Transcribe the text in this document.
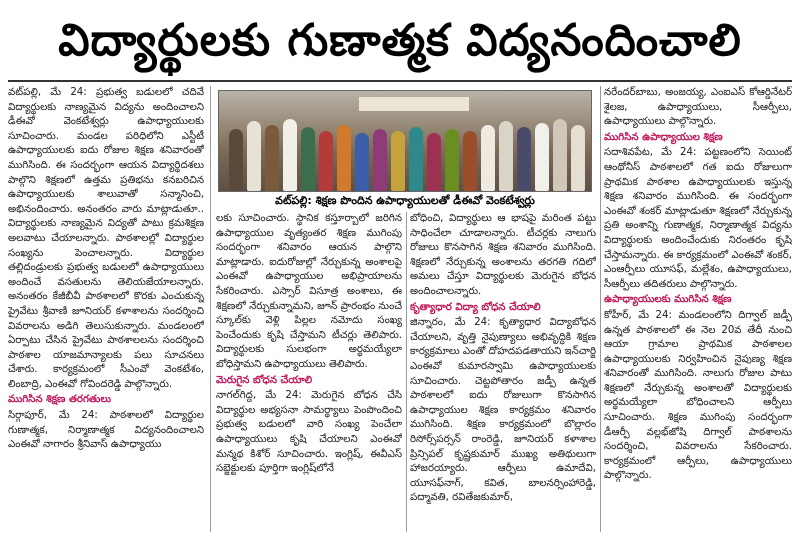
విద్యార్థులకు గుణాత్మక విద్యనందించాలి

వట్‌పల్లి, మే 24: ప్రభుత్వ బడులలో చదివే విద్యార్థులకు నాణ్యమైన విద్యను అందించాలని డీఈవో వెంకటేశ్వర్లు ఉపాధ్యాయులకు సూచించారు. మండల పరిధిలోని ఎస్టీటీ ఉపాధ్యాయులకు ఐదు రోజుల శిక్షణ శనివారంతో ముగిసింది. ఈ సందర్భంగా ఆయన విద్యార్థిదశలు పాల్గొని శిక్షణలో ఉత్తమ ప్రతిభను కనబరిచిన ఉపాధ్యాయులకు శాలువాతో సన్మానించి, అభినందించారు. అనంతరం వారు మాట్లాడుతూ.. విద్యార్థులకు నాణ్యమైన విద్యతో పాటు క్రమశిక్షణ అలవాటు చేయాలన్నారు. పాఠశాలల్లో విద్యార్థుల సంఖ్యను పెంచాలన్నారు. విద్యార్థుల తల్లిదండ్రులకు ప్రభుత్వ బడులలో ఉపాధ్యాయులు అందించే వసతులను తెలియజేయాలన్నారు. అనంతరం కేజీబీవీ పాఠశాలలో కొరకు ఎంచుకున్న ప్రైవేటు శ్రీవాణి జూనియర్ కళాశాలను సందర్శించి వివరాలను అడిగి తెలుసుకున్నారు. మండలంలో ఏర్పాటు చేసిన ప్రైవేటు పాఠశాలలను సందర్శించి పాఠశాల యాజమాన్యాలకు పలు సూచనలు చేశారు. కార్యక్రమంలో సీఎంవో వెంకటేశం, లింబాద్రి, ఎంఈవో గోవిందరెడ్డి పాల్గొన్నారు.

ముగిసిన శిక్షణ తరగతులు

సిర్గాపూర్, మే 24: పాఠశాలలో విద్యార్థుల గుణాత్మక, నిర్మాణాత్మక విద్యనందించాలని ఎంఈవో నాగారం శ్రీనివాస్ ఉపాధ్యాయు

వట్‌పల్లి: శిక్షణ పొందిన ఉపాధ్యాయులతో డీఈవో వెంకటేశ్వర్లు

లకు సూచించారు. స్థానిక కస్తూర్బాలో జరిగిన ఉపాధ్యాయుల వృత్యంతర శిక్షణ ముగింపు సందర్భంగా శనివారం ఆయన పాల్గొని మాట్లాడారు. ఐదురోజుల్లో నేర్చుకున్న అంశాలపై ఎంఈవో ఉపాధ్యాయుల అభిప్రాయాలను సేకరించారు. ఎస్సార్ విసూత్ర అంశాలు, ఈ శిక్షణలో నేర్చుకున్నామని, జూన్ ప్రారంభం నుంచే స్కూల్‌కు వెళ్లి పిల్లల నమోదు సంఖ్య పెంచేందుకు కృషి చేస్తామని టీచర్లు తెలిపారు. విద్యార్థులకు సులభంగా అర్థమయ్యేలా బోధిస్తామని ఉపాధ్యాయులు తెలిపారు.

మెరుగైన బోధన చేయాలి

నాగల్‌గిద్ద, మే 24: మెరుగైన బోధన చేసి విద్యార్థుల అభ్యసనా సామర్థ్యాలు పెంపొందించి ప్రభుత్వ బడులలో వారి సంఖ్య పెంచేలా ఉపాధ్యాయులు కృషి చేయాలని ఎంఈవో మన్మథ కిశోర్ సూచించారు. ఇంగ్లిష్, ఈవీఎస్ సబ్జెక్టులకు పూర్తిగా ఇంగ్లిష్‌లోనే

బోధించి, విద్యార్థులు ఆ భాషపై మరింత పట్టు సాధించేలా చూడాలన్నారు. టీచర్లకు నాలుగు రోజులు కొనసాగిన శిక్షణ శనివారం ముగిసింది. శిక్షణలో నేర్చుకున్న అంశాలను తరగతి గదిలో అమలు చేస్తూ విద్యార్థులకు మెరుగైన బోధన అందించాలన్నారు.

కృత్యాధార విద్యా బోధన చేయాలి

జిన్నారం, మే 24: కృత్యాధార విద్యాబోధన చేయాలని, వృత్తి నైపుణ్యాలు అభివృద్ధికి శిక్షణ కార్యక్రమాలు ఎంతో దోహదపడతాయని ఇన్‌చార్జి ఎంఈవో కుమారస్వామి ఉపాధ్యాయులకు సూచించారు. చెట్టపోతారం జడ్పీ ఉన్నత పాఠశాలలో ఐదు రోజులుగా కొనసాగిన ఉపాధ్యాయుల శిక్షణ కార్యక్రమం శనివారం ముగిసింది. శిక్షణ కార్యక్రమంలో బొల్లారం రిసోర్స్‌పర్సన్ రాంరెడ్డి, జూనియర్ కళాశాల ప్రిన్సిపల్ కృష్ణకుమార్ ముఖ్య అతిథులుగా హాజరయ్యారు. ఆర్పీలు ఉమాదేవి, యూసఫ్‌నాగ్‌, కవిత, బాలనర్సింహారెడ్డి, పద్మావతి, రవితేజకుమార్,

నరేందర్‌బాబు, అంజయ్య, ఎంఐఎస్ కోఆర్డినేటర్ శైలజ, ఉపాధ్యాయులు, సీఆర్పీలు, ఉపాధ్యాయులు పాల్గొన్నారు.

ముగిసిన ఉపాధ్యాయుల శిక్షణ

సదాశివపేట, మే 24: పట్టణంలోని సెయింట్ ఆంథోనీస్ పాఠశాలలో గత ఐదు రోజులుగా ప్రాథమిక పాఠశాల ఉపాధ్యాయులకు ఇస్తున్న శిక్షణ శనివారం ముగిసింది. ఈ సందర్భంగా ఎంఈవో శంకర్ మాట్లాడుతూ శిక్షణలో నేర్చుకున్న ప్రతి అంశాన్ని గుణాత్మక, నిర్మాణాత్మక విద్యను విద్యార్థులకు అందించేందుకు నిరంతరం కృషి చేస్తామన్నారు. ఈ కార్యక్రమంలో ఎంఈవో శంకర్, ఎంఆర్పీలు యూసఫ్, మల్లేశం, ఉపాధ్యాయులు, సీఆర్పీలు తదితరులు పాల్గొన్నారు.

ఉపాధ్యాయులకు ముగిసిన శిక్షణ

కోహీర్, మే 24: మండలంలోని దిగ్వాల్ జడ్పీ ఉన్నత పాఠశాలలో ఈ నెల 20వ తేదీ నుంచి ఆయా గ్రామాల ప్రాథమిక పాఠశాలల ఉపాధ్యాయులకు నిర్వహించిన నైపుణ్య శిక్షణ శనివారంతో ముగిసింది. నాలుగు రోజుల పాటు శిక్షణలో నేర్చుకున్న అంశాలతో విద్యార్థులకు అర్థమయ్యేలా బోధించాలని ఆర్పీలు సూచించారు. శిక్షణ ముగింపు సందర్భంగా డీఆర్పీ వల్లభ్‌జోషి దిగ్వాల్ పాఠశాలను సందర్శించి, వివరాలను సేకరించారు. కార్యక్రమంలో ఆర్పీలు, ఉపాధ్యాయులు పాల్గొన్నారు.
